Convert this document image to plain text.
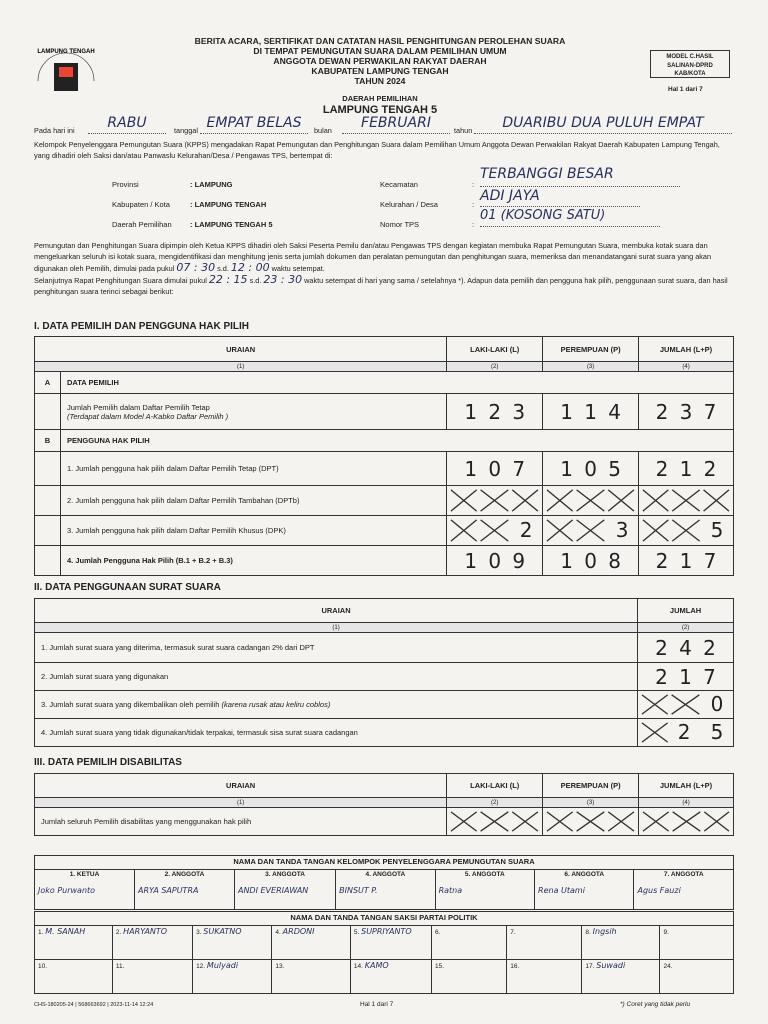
LAMPUNG TENGAH
KOMISI
BERITA ACARA, SERTIFIKAT DAN CATATAN HASIL PENGHITUNGAN PEROLEHAN SUARA
DI TEMPAT PEMUNGUTAN SUARA DALAM PEMILIHAN UMUM
ANGGOTA DEWAN PERWAKILAN RAKYAT DAERAH
KABUPATEN LAMPUNG TENGAH
TAHUN 2024
MODEL C.HASIL
SALINAN-DPRD
KAB/KOTA
Hal 1 dari 7
DAERAH PEMILIHAN
LAMPUNG TENGAH 5
Pada hari ini	RABU	tanggal EMPAT BELAS	bulan	FEBRUARI	tahun	DUARIBU DUA PULUH EMPAT
Kelompok Penyelenggara Pemungutan Suara (KPPS) mengadakan Rapat Pemungutan dan Penghitungan Suara dalam Pemilihan Umum Anggota Dewan Perwakilan Rakyat Daerah Kabupaten Lampung Tengah, yang dihadiri oleh Saksi dan/atau Panwaslu Kelurahan/Desa / Pengawas TPS, bertempat di:
Provinsi	: LAMPUNG
Kabupaten / Kota	: LAMPUNG TENGAH
Daerah Pemilihan : LAMPUNG TENGAH 5
Kecamatan	:
TERBANGGI BESAR
Kelurahan / Desa	:
ADI JAYA
Nomor TPS	:
01 (KOSONG SATU)
Pemungutan dan Penghitungan Suara dipimpin oleh Ketua KPPS dihadiri oleh Saksi Peserta Pemilu dan/atau Pengawas TPS dengan kegiatan membuka Rapat Pemungutan Suara, membuka kotak suara dan mengeluarkan seluruh isi kotak suara, mengidentifikasi dan menghitung jenis serta jumlah dokumen dan peralatan pemungutan dan penghitungan suara, memeriksa dan menandatangani surat suara yang akan digunakan oleh Pemilih, dimulai pada pukul 07 : 30 s.d. 12 : 00 waktu setempat.
Selanjutnya Rapat Penghitungan Suara dimulai pukul 22 : 15 s.d. 23 : 30 waktu setempat di hari yang sama / setelahnya *). Adapun data pemilih dan pengguna hak pilih, penggunaan surat suara, dan hasil penghitungan suara terinci sebagai berikut:
I. DATA PEMILIH DAN PENGGUNA HAK PILIH
URAIAN		LAKI-LAKI (L)	PEREMPUAN (P)	JUMLAH (L+P)
(1)		(2)	(3)	(4)
A	DATA PEMILIH			

	Jumlah Pemilih dalam Daftar Pemilih Tetap
(Terdapat dalam Model A-Kabko Daftar Pemilih )	1 2 3	1 1 4	2 3 7
B	PENGGUNA HAK PILIH			
	1. Jumlah pengguna hak pilih dalam Daftar Pemilih Tetap (DPT)	1 0 7	1 0 5	2 1 2
	2. Jumlah pengguna hak pilih dalam Daftar Pemilih Tambahan (DPTb)	

	3. Jumlah pengguna hak pilih dalam Daftar Pemilih Khusus (DPK)	2	3	5

	4. Jumlah Pengguna Hak Pilih (B.1 + B.2 + B.3)	1 0 9	1 0 8	2 1 7
II. DATA PENGGUNAAN SURAT SUARA
URAIAN	JUMLAH
(1)	(2)
1. Jumlah surat suara yang diterima, termasuk surat suara cadangan 2% dari DPT	2 4 2
2. Jumlah surat suara yang digunakan	2 1 7
3. Jumlah surat suara yang dikembalikan oleh pemilih (karena rusak atau keliru coblos)	0

4. Jumlah surat suara yang tidak digunakan/tidak terpakai, termasuk sisa surat suara cadangan	2 5
III. DATA PEMILIH DISABILITAS
URAIAN	LAKI-LAKI (L)	PEREMPUAN (P)	JUMLAH (L+P)
(1)	(2)	(3)	(4)
Jumlah seluruh Pemilih disabilitas yang menggunakan hak pilih	

NAMA DAN TANDA TANGAN KELOMPOK PENYELENGGARA PEMUNGUTAN SUARA

1. KETUA
Joko Purwanto

2. ANGGOTA
ARYA SAPUTRA

3. ANGGOTA
ANDI EVERIAWAN

4. ANGGOTA
BINSUT P.

5. ANGGOTA
Ratna

6. ANGGOTA
Rena Utami

7. ANGGOTA
Agus Fauzi
NAMA DAN TANDA TANGAN SAKSI PARTAI POLITIK								
1. M. SANAH	2. HARYANTO	3. SUKATNO	4. ARDONI	5. SUPRIYANTO	6.	7.	8. Ingsih	9.
10.	11.	12. Mulyadi	13.	14. KAMO	15.	16.	17. Suwadi	24.
CHS-180205-24 | 568663692 | 2023-11-14 12:24	Hal 1 dari 7	*) Coret yang tidak perlu
